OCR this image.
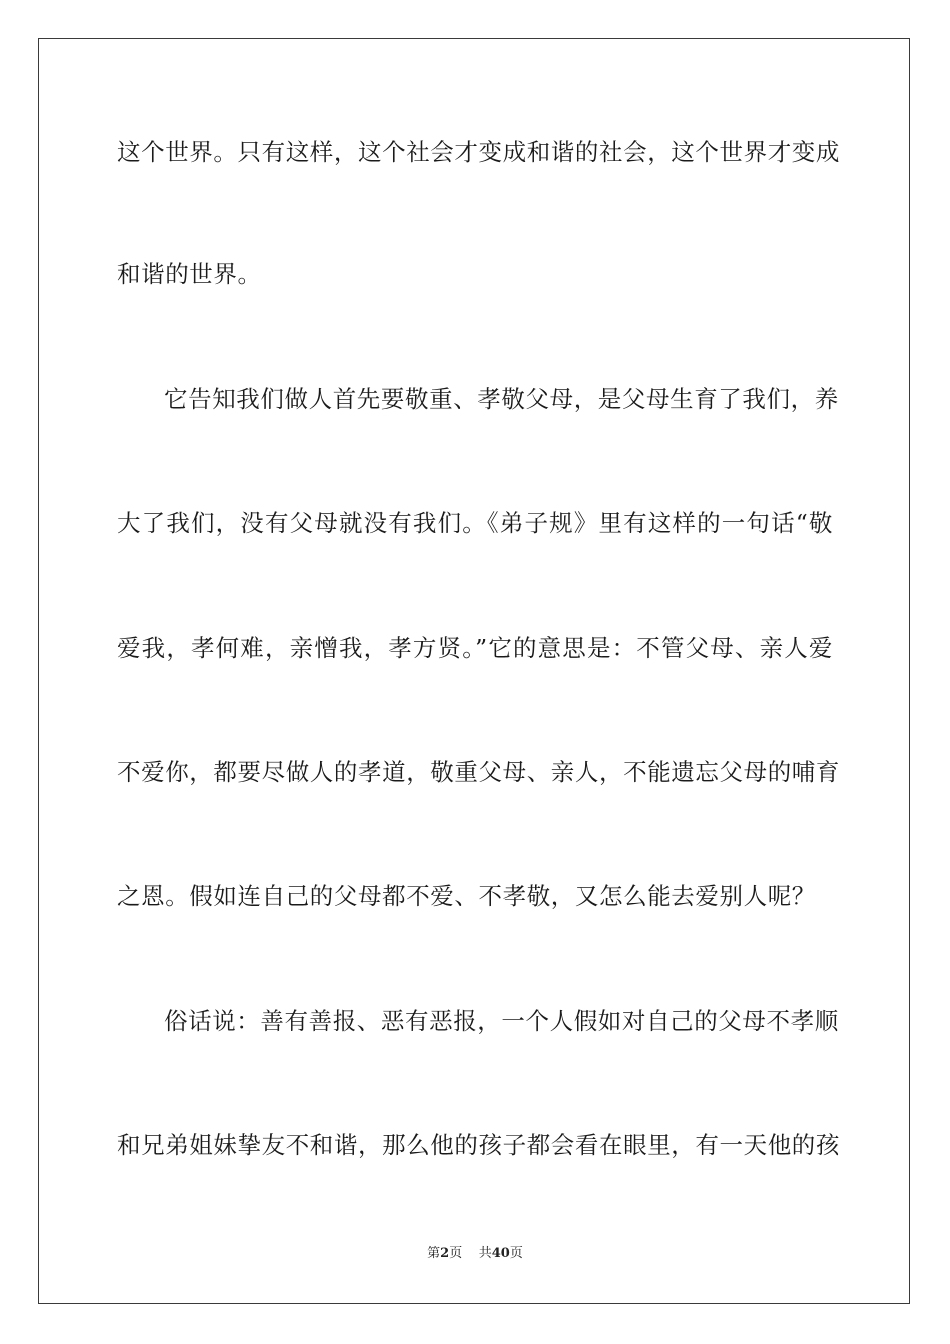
这个世界。只有这样，这个社会才变成和谐的社会，这个世界才变成
和谐的世界。
它告知我们做人首先要敬重、孝敬父母，是父母生育了我们，养
大了我们，没有父母就没有我们。《弟子规》里有这样的一句话“敬
爱我，孝何难，亲憎我，孝方贤。”它的意思是：不管父母、亲人爱
不爱你，都要尽做人的孝道，敬重父母、亲人，不能遗忘父母的哺育
之恩。假如连自己的父母都不爱、不孝敬，又怎么能去爱别人呢？
俗话说：善有善报、恶有恶报，一个人假如对自己的父母不孝顺
和兄弟姐妹挚友不和谐，那么他的孩子都会看在眼里，有一天他的孩
第2页 共40页
